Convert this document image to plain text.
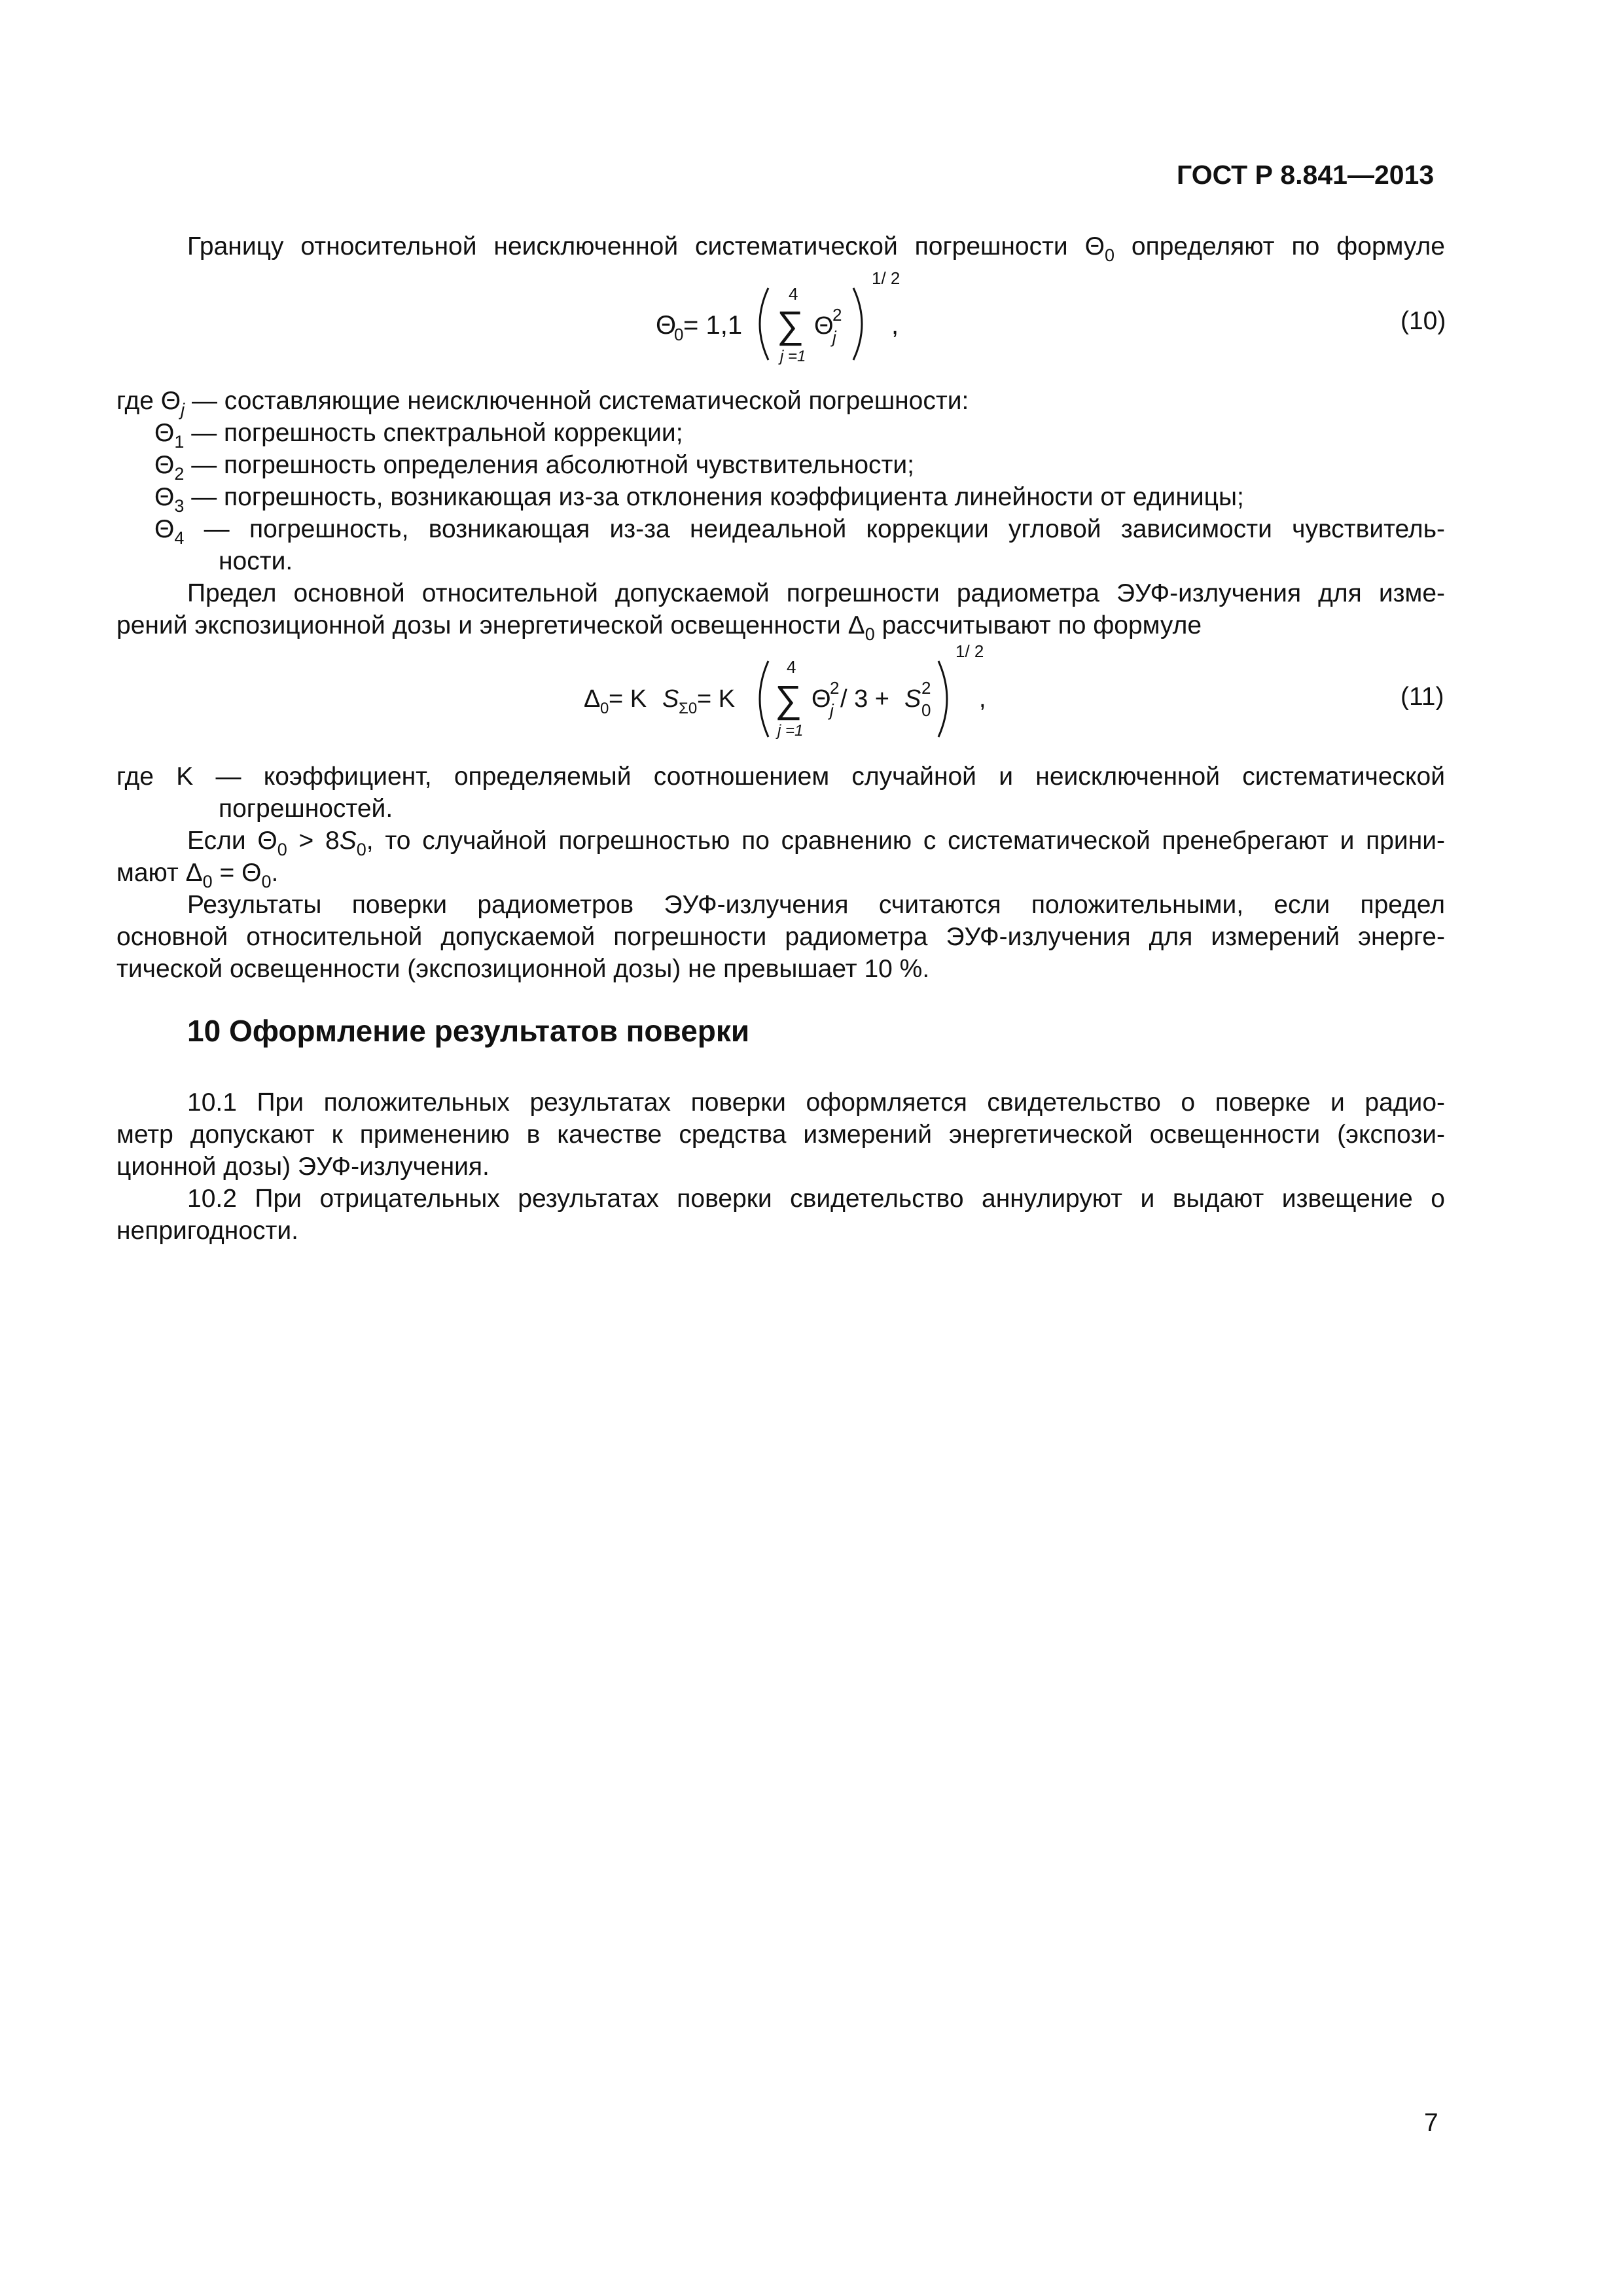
ГОСТ Р 8.841—2013
Границу относительной неисключенной систематической погрешности $\Theta_0$ определяют по формуле
Θ
0 = 1,1
4
∑
j =1
Θ
2
j
1/ 2
,	(10)
где $\Theta_j$ — составляющие неисключенной систематической погрешности:
$\Theta_1$ — погрешность спектральной коррекции;
$\Theta_2$ — погрешность определения абсолютной чувствительности;
$\Theta_3$ — погрешность, возникающая из-за отклонения коэффициента линейности от единицы;
$\Theta_4$ — погрешность, возникающая из-за неидеальной коррекции угловой зависимости чувствитель-
ности.
Предел основной относительной допускаемой погрешности радиометра ЭУФ-излучения для изме-
рений экспозиционной дозы и энергетической освещенности $\Delta_0$ рассчитывают по формуле
Δ 0 = K S Σ0 = K
4
∑
j =1
Θ
2
j / 3 + S 2
0
1/ 2
,	(11)
где K — коэффициент, определяемый соотношением случайной и неисключенной систематической
погрешностей.
Если $\Theta_0 > 8S_0$, то случайной погрешностью по сравнению с систематической пренебрегают и прини-
мают $\Delta_0 = \Theta_0$.
Результаты поверки радиометров ЭУФ-излучения считаются положительными, если предел
основной относительной допускаемой погрешности радиометра ЭУФ-излучения для измерений энерге-
тической освещенности (экспозиционной дозы) не превышает 10 %.
10 Оформление результатов поверки
10.1 При положительных результатах поверки оформляется свидетельство о поверке и радио-
метр допускают к применению в качестве средства измерений энергетической освещенности (экспози-
ционной дозы) ЭУФ-излучения.
10.2 При отрицательных результатах поверки свидетельство аннулируют и выдают извещение о
непригодности.
7
